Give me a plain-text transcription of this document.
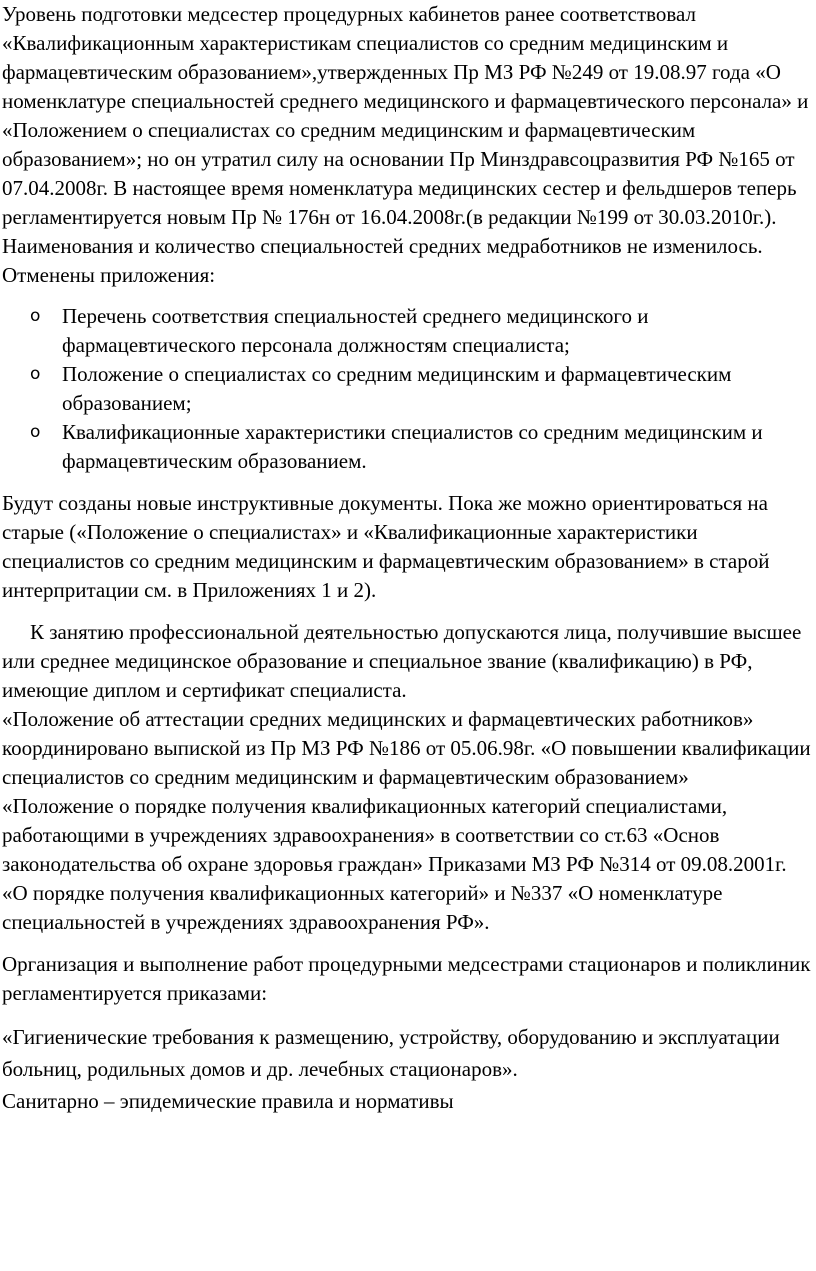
Уровень подготовки медсестер процедурных кабинетов ранее соответствовал «Квалификационным характеристикам специалистов со средним медицинским и фармацевтическим образованием»,утвержденных Пр МЗ РФ №249 от 19.08.97 года «О номенклатуре специальностей среднего медицинского и фармацевтического персонала» и «Положением о специалистах со средним медицинским и фармацевтическим образованием»; но он утратил силу на основании Пр Минздравсоцразвития РФ №165 от 07.04.2008г. В настоящее время номенклатура медицинских сестер и фельдшеров теперь регламентируется новым Пр № 176н от 16.04.2008г.(в редакции №199 от 30.03.2010г.).

Наименования и количество специальностей средних медработников не изменилось. Отменены приложения:

o Перечень соответствия специальностей среднего медицинского и фармацевтического персонала должностям специалиста;
o Положение о специалистах со средним медицинским и фармацевтическим образованием;
o Квалификационные характеристики специалистов со средним медицинским и фармацевтическим образованием.

Будут созданы новые инструктивные документы. Пока же можно ориентироваться на старые («Положение о специалистах» и «Квалификационные характеристики специалистов со средним медицинским и фармацевтическим образованием» в старой интерпритации см. в Приложениях 1 и 2).

К занятию профессиональной деятельностью допускаются лица, получившие высшее или среднее медицинское образование и специальное звание (квалификацию) в РФ, имеющие диплом и сертификат специалиста.

«Положение об аттестации средних медицинских и фармацевтических работников» координировано выпиской из Пр МЗ РФ №186 от 05.06.98г. «О повышении квалификации специалистов со средним медицинским и фармацевтическим образованием»

«Положение о порядке получения квалификационных категорий специалистами, работающими в учреждениях здравоохранения» в соответствии со ст.63 «Основ законодательства об охране здоровья граждан» Приказами МЗ РФ №314 от 09.08.2001г. «О порядке получения квалификационных категорий» и №337 «О номенклатуре специальностей в учреждениях здравоохранения РФ».

Организация и выполнение работ процедурными медсестрами стационаров и поликлиник регламентируется приказами:

«Гигиенические требования к размещению, устройству, оборудованию и эксплуатации больниц, родильных домов и др. лечебных стационаров».

Санитарно – эпидемические правила и нормативы
